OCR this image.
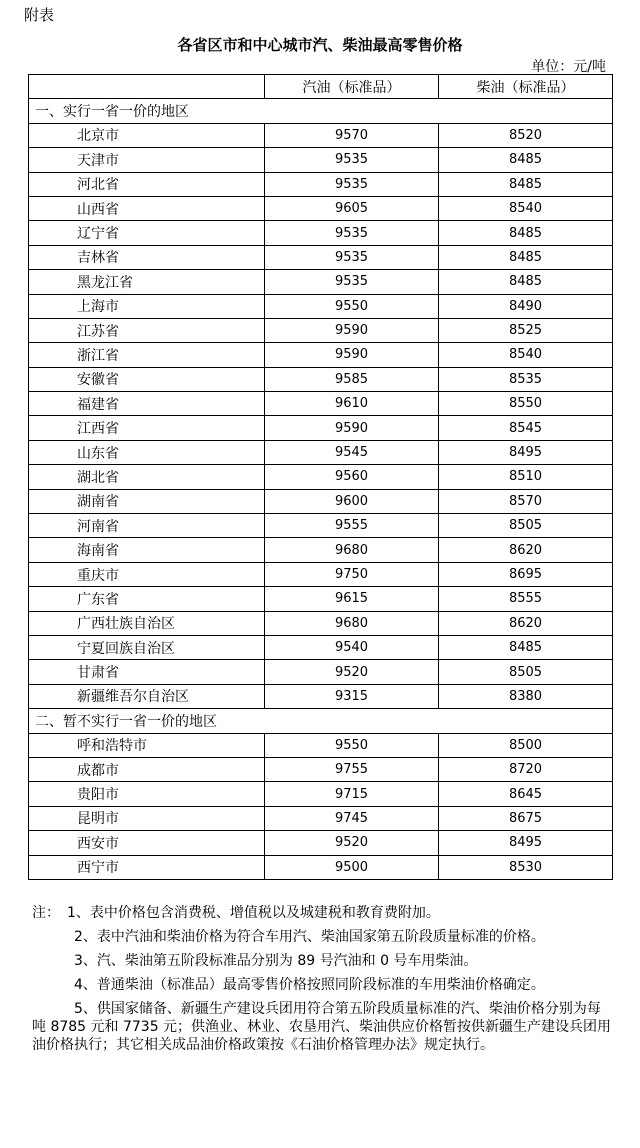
附表
各省区市和中心城市汽、柴油最高零售价格
单位：元/吨
	汽油（标准品）	柴油（标准品）
一、实行一省一价的地区		
北京市	9570	8520
天津市	9535	8485
河北省	9535	8485
山西省	9605	8540
辽宁省	9535	8485
吉林省	9535	8485
黑龙江省	9535	8485
上海市	9550	8490
江苏省	9590	8525
浙江省	9590	8540
安徽省	9585	8535
福建省	9610	8550
江西省	9590	8545
山东省	9545	8495
湖北省	9560	8510
湖南省	9600	8570
河南省	9555	8505
海南省	9680	8620
重庆市	9750	8695
广东省	9615	8555
广西壮族自治区	9680	8620
宁夏回族自治区	9540	8485
甘肃省	9520	8505
新疆维吾尔自治区	9315	8380
二、暂不实行一省一价的地区		
呼和浩特市	9550	8500
成都市	9755	8720
贵阳市	9715	8645
昆明市	9745	8675
西安市	9520	8495
西宁市	9500	8530

注：　1、表中价格包含消费税、增值税以及城建税和教育费附加。

2、表中汽油和柴油价格为符合车用汽、柴油国家第五阶段质量标准的价格。

3、汽、柴油第五阶段标准品分别为 89 号汽油和 0 号车用柴油。

4、普通柴油（标准品）最高零售价格按照同阶段标准的车用柴油价格确定。

5、供国家储备、新疆生产建设兵团用符合第五阶段质量标准的汽、柴油价格分别为每吨 8785 元和 7735 元；供渔业、林业、农垦用汽、柴油供应价格暂按供新疆生产建设兵团用油价格执行；其它相关成品油价格政策按《石油价格管理办法》规定执行。
